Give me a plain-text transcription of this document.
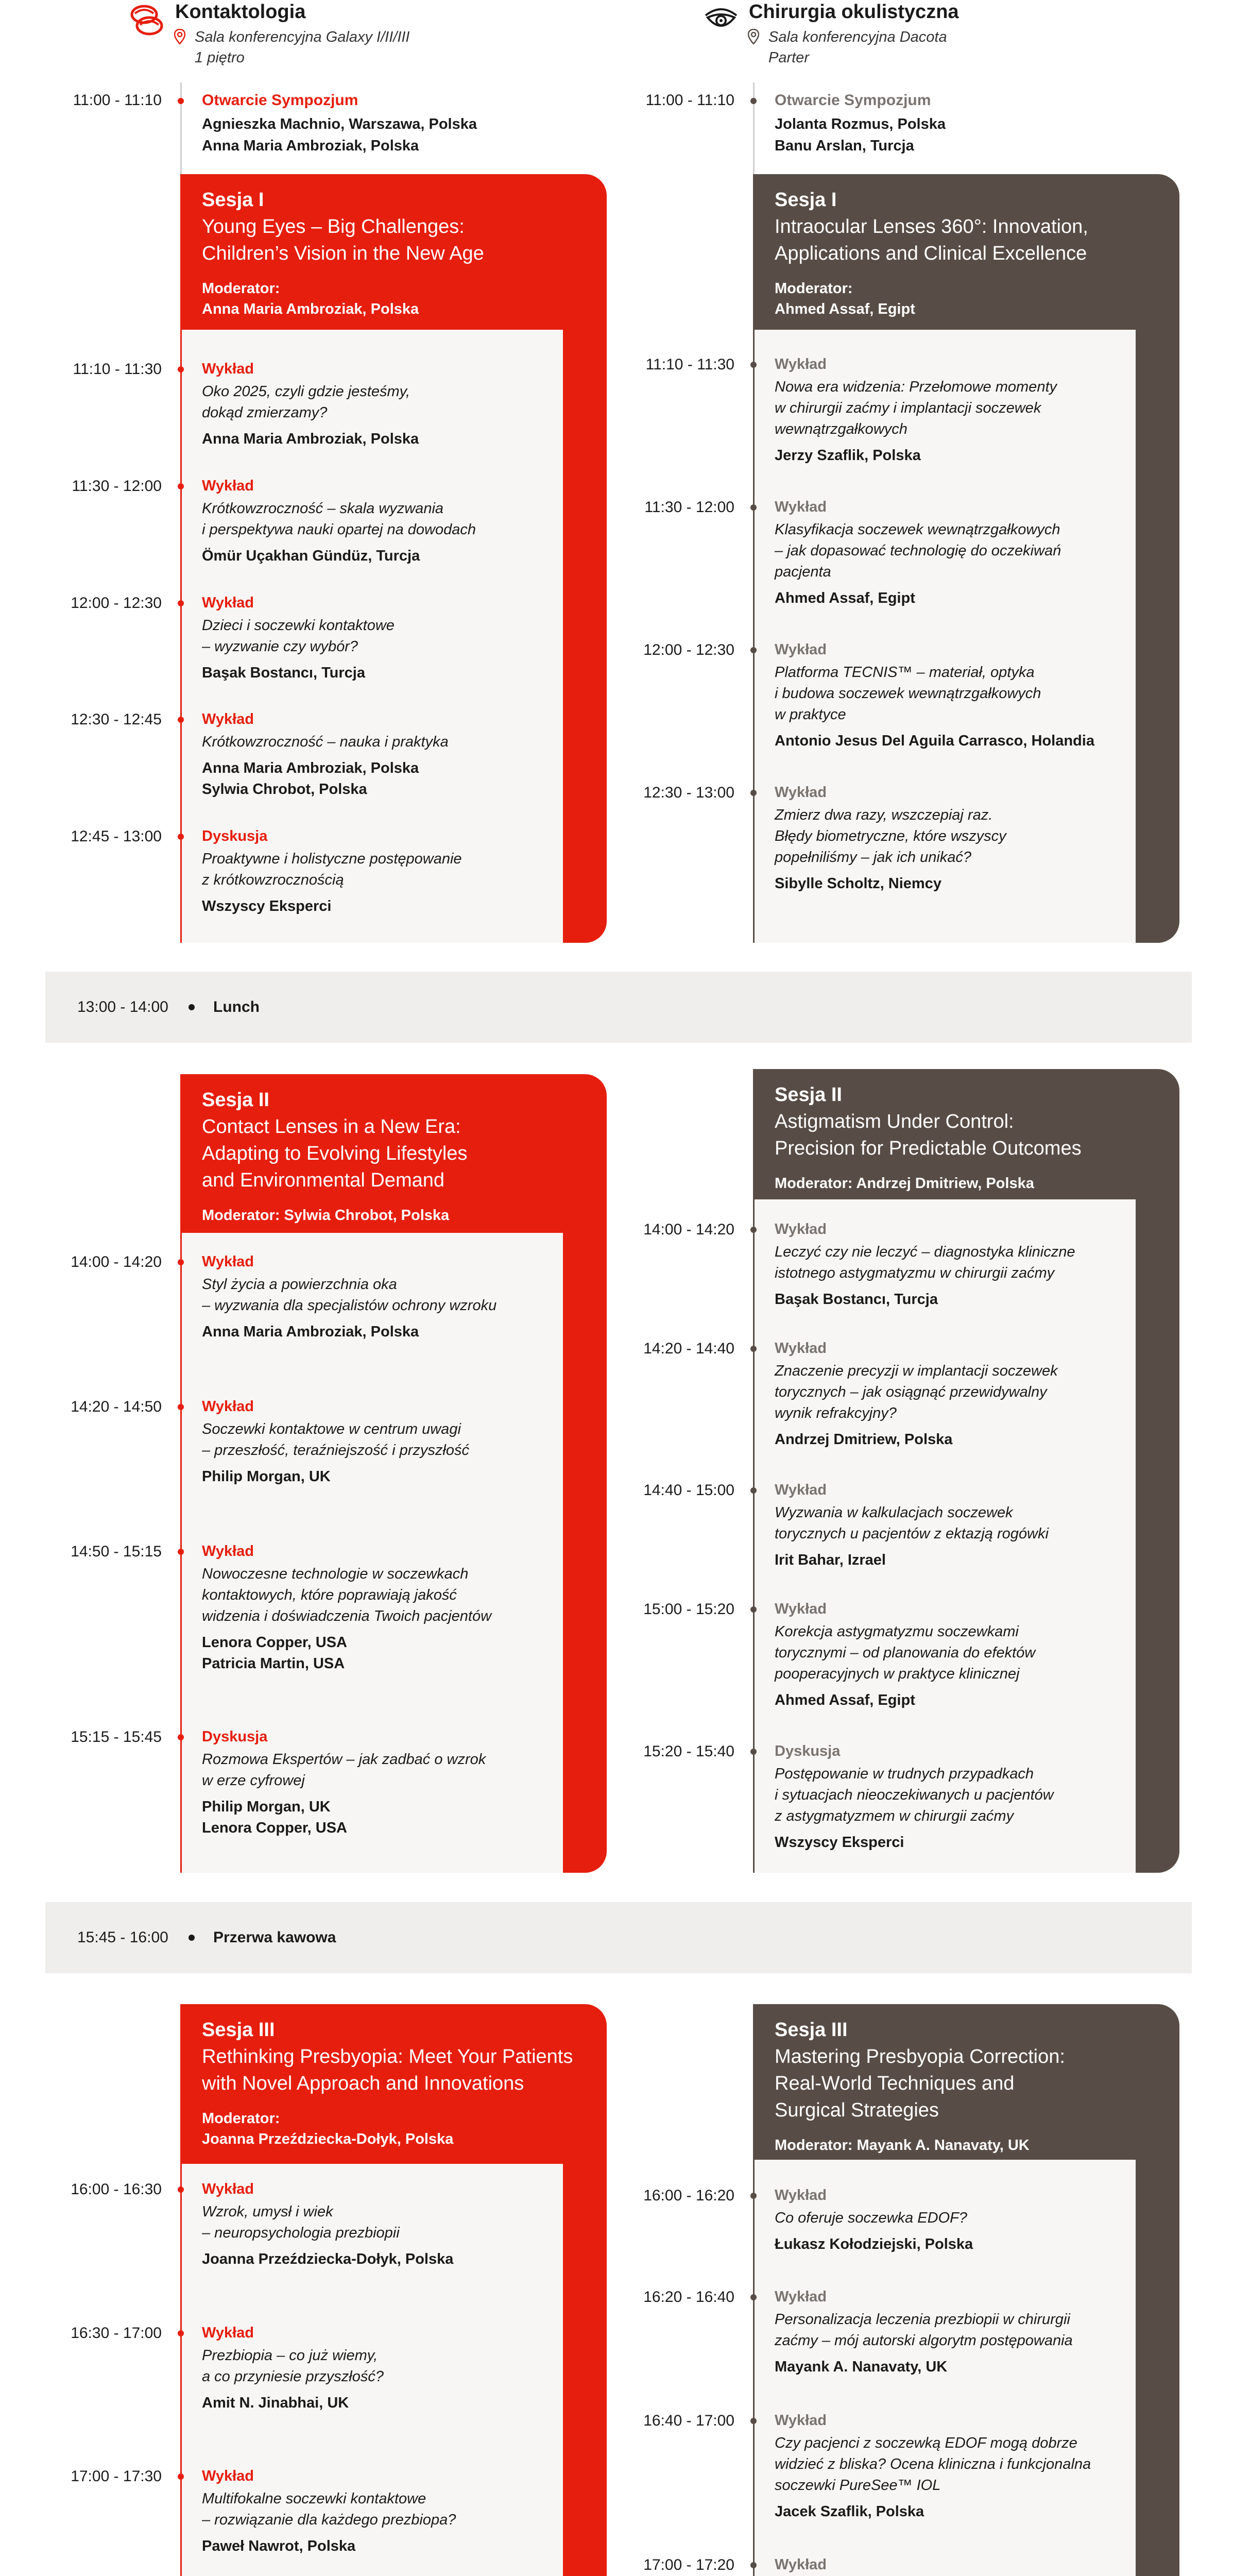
Kontaktologia
Sala konferencyjna Galaxy I/II/III
1 piętro
Chirurgia okulistyczna
Sala konferencyjna Dacota
Parter
11:00 - 11:10	Otwarcie Sympozjum
Agnieszka Machnio, Warszawa, Polska
Anna Maria Ambroziak, Polska
11:00 - 11:10	Otwarcie Sympozjum
Jolanta Rozmus, Polska
Banu Arslan, Turcja
Sesja I
Young Eyes – Big Challenges:
Children’s Vision in the New Age
Moderator:
Anna Maria Ambroziak, Polska
Sesja II
Contact Lenses in a New Era:
Adapting to Evolving Lifestyles
and Environmental Demand
Moderator: Sylwia Chrobot, Polska
Sesja III
Rethinking Presbyopia: Meet Your Patients
with Novel Approach and Innovations
Moderator:
Joanna Przeździecka-Dołyk, Polska
Sesja I
Intraocular Lenses 360°: Innovation,
Applications and Clinical Excellence
Moderator:
Ahmed Assaf, Egipt
Sesja II
Astigmatism Under Control:
Precision for Predictable Outcomes
Moderator: Andrzej Dmitriew, Polska
Sesja III
Mastering Presbyopia Correction:
Real-World Techniques and
Surgical Strategies
Moderator: Mayank A. Nanavaty, UK
11:10 - 11:30	Wykład
Oko 2025, czyli gdzie jesteśmy,
dokąd zmierzamy?
Anna Maria Ambroziak, Polska
11:30 - 12:00	Wykład
Krótkowzroczność – skala wyzwania
i perspektywa nauki opartej na dowodach
Ömür Uçakhan Gündüz, Turcja
12:00 - 12:30	Wykład
Dzieci i soczewki kontaktowe
– wyzwanie czy wybór?
Başak Bostancı, Turcja
12:30 - 12:45	Wykład
Krótkowzroczność – nauka i praktyka
Anna Maria Ambroziak, Polska
Sylwia Chrobot, Polska
12:45 - 13:00	Dyskusja
Proaktywne i holistyczne postępowanie
z krótkowzrocznością
Wszyscy Eksperci
14:00 - 14:20	Wykład
Styl życia a powierzchnia oka
– wyzwania dla specjalistów ochrony wzroku
Anna Maria Ambroziak, Polska
14:20 - 14:50	Wykład
Soczewki kontaktowe w centrum uwagi
– przeszłość, teraźniejszość i przyszłość
Philip Morgan, UK
14:50 - 15:15	Wykład
Nowoczesne technologie w soczewkach
kontaktowych, które poprawiają jakość
widzenia i doświadczenia Twoich pacjentów
Lenora Copper, USA
Patricia Martin, USA
15:15 - 15:45	Dyskusja
Rozmowa Ekspertów – jak zadbać o wzrok
w erze cyfrowej
Philip Morgan, UK
Lenora Copper, USA
16:00 - 16:30	Wykład
Wzrok, umysł i wiek
– neuropsychologia prezbiopii
Joanna Przeździecka-Dołyk, Polska
16:30 - 17:00	Wykład
Prezbiopia – co już wiemy,
a co przyniesie przyszłość?
Amit N. Jinabhai, UK
17:00 - 17:30	Wykład
Multifokalne soczewki kontaktowe
– rozwiązanie dla każdego prezbiopa?
Paweł Nawrot, Polska
11:10 - 11:30	Wykład
Nowa era widzenia: Przełomowe momenty
w chirurgii zaćmy i implantacji soczewek
wewnątrzgałkowych
Jerzy Szaflik, Polska
11:30 - 12:00	Wykład
Klasyfikacja soczewek wewnątrzgałkowych
– jak dopasować technologię do oczekiwań
pacjenta
Ahmed Assaf, Egipt
12:00 - 12:30	Wykład
Platforma TECNIS™ – materiał, optyka
i budowa soczewek wewnątrzgałkowych
w praktyce
Antonio Jesus Del Aguila Carrasco, Holandia
12:30 - 13:00	Wykład
Zmierz dwa razy, wszczepiaj raz.
Błędy biometryczne, które wszyscy
popełniliśmy – jak ich unikać?
Sibylle Scholtz, Niemcy
14:00 - 14:20	Wykład
Leczyć czy nie leczyć – diagnostyka kliniczne
istotnego astygmatyzmu w chirurgii zaćmy
Başak Bostancı, Turcja
14:20 - 14:40	Wykład
Znaczenie precyzji w implantacji soczewek
torycznych – jak osiągnąć przewidywalny
wynik refrakcyjny?
Andrzej Dmitriew, Polska
14:40 - 15:00	Wykład
Wyzwania w kalkulacjach soczewek
torycznych u pacjentów z ektazją rogówki
Irit Bahar, Izrael
15:00 - 15:20	Wykład
Korekcja astygmatyzmu soczewkami
torycznymi – od planowania do efektów
pooperacyjnych w praktyce klinicznej
Ahmed Assaf, Egipt
15:20 - 15:40	Dyskusja
Postępowanie w trudnych przypadkach
i sytuacjach nieoczekiwanych u pacjentów
z astygmatyzmem w chirurgii zaćmy
Wszyscy Eksperci
16:00 - 16:20	Wykład
Co oferuje soczewka EDOF?
Łukasz Kołodziejski, Polska
16:20 - 16:40	Wykład
Personalizacja leczenia prezbiopii w chirurgii
zaćmy – mój autorski algorytm postępowania
Mayank A. Nanavaty, UK
16:40 - 17:00	Wykład
Czy pacjenci z soczewką EDOF mogą dobrze
widzieć z bliska? Ocena kliniczna i funkcjonalna
soczewki PureSee™ IOL
Jacek Szaflik, Polska
17:00 - 17:20	Wykład
13:00 - 14:00	Lunch
15:45 - 16:00	Przerwa kawowa
